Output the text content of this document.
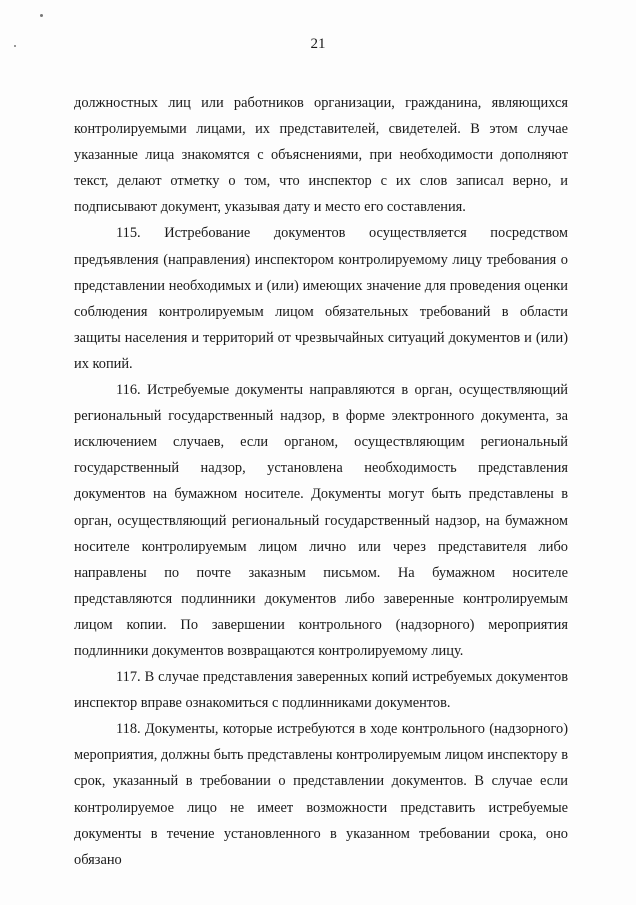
21

должностных лиц или работников организации, гражданина, являющихся контролируемыми лицами, их представителей, свидетелей. В этом случае указанные лица знакомятся с объяснениями, при необходимости дополняют текст, делают отметку о том, что инспектор с их слов записал верно, и подписывают документ, указывая дату и место его составления.

115. Истребование документов осуществляется посредством предъявления (направления) инспектором контролируемому лицу требования о представлении необходимых и (или) имеющих значение для проведения оценки соблюдения контролируемым лицом обязательных требований в области защиты населения и территорий от чрезвычайных ситуаций документов и (или) их копий.

116. Истребуемые документы направляются в орган, осуществляющий региональный государственный надзор, в форме электронного документа, за исключением случаев, если органом, осуществляющим региональный государственный надзор, установлена необходимость представления документов на бумажном носителе. Документы могут быть представлены в орган, осуществляющий региональный государственный надзор, на бумажном носителе контролируемым лицом лично или через представителя либо направлены по почте заказным письмом. На бумажном носителе представляются подлинники документов либо заверенные контролируемым лицом копии. По завершении контрольного (надзорного) мероприятия подлинники документов возвращаются контролируемому лицу.

117. В случае представления заверенных копий истребуемых документов инспектор вправе ознакомиться с подлинниками документов.

118. Документы, которые истребуются в ходе контрольного (надзорного) мероприятия, должны быть представлены контролируемым лицом инспектору в срок, указанный в требовании о представлении документов. В случае если контролируемое лицо не имеет возможности представить истребуемые документы в течение установленного в указанном требовании срока, оно обязано
